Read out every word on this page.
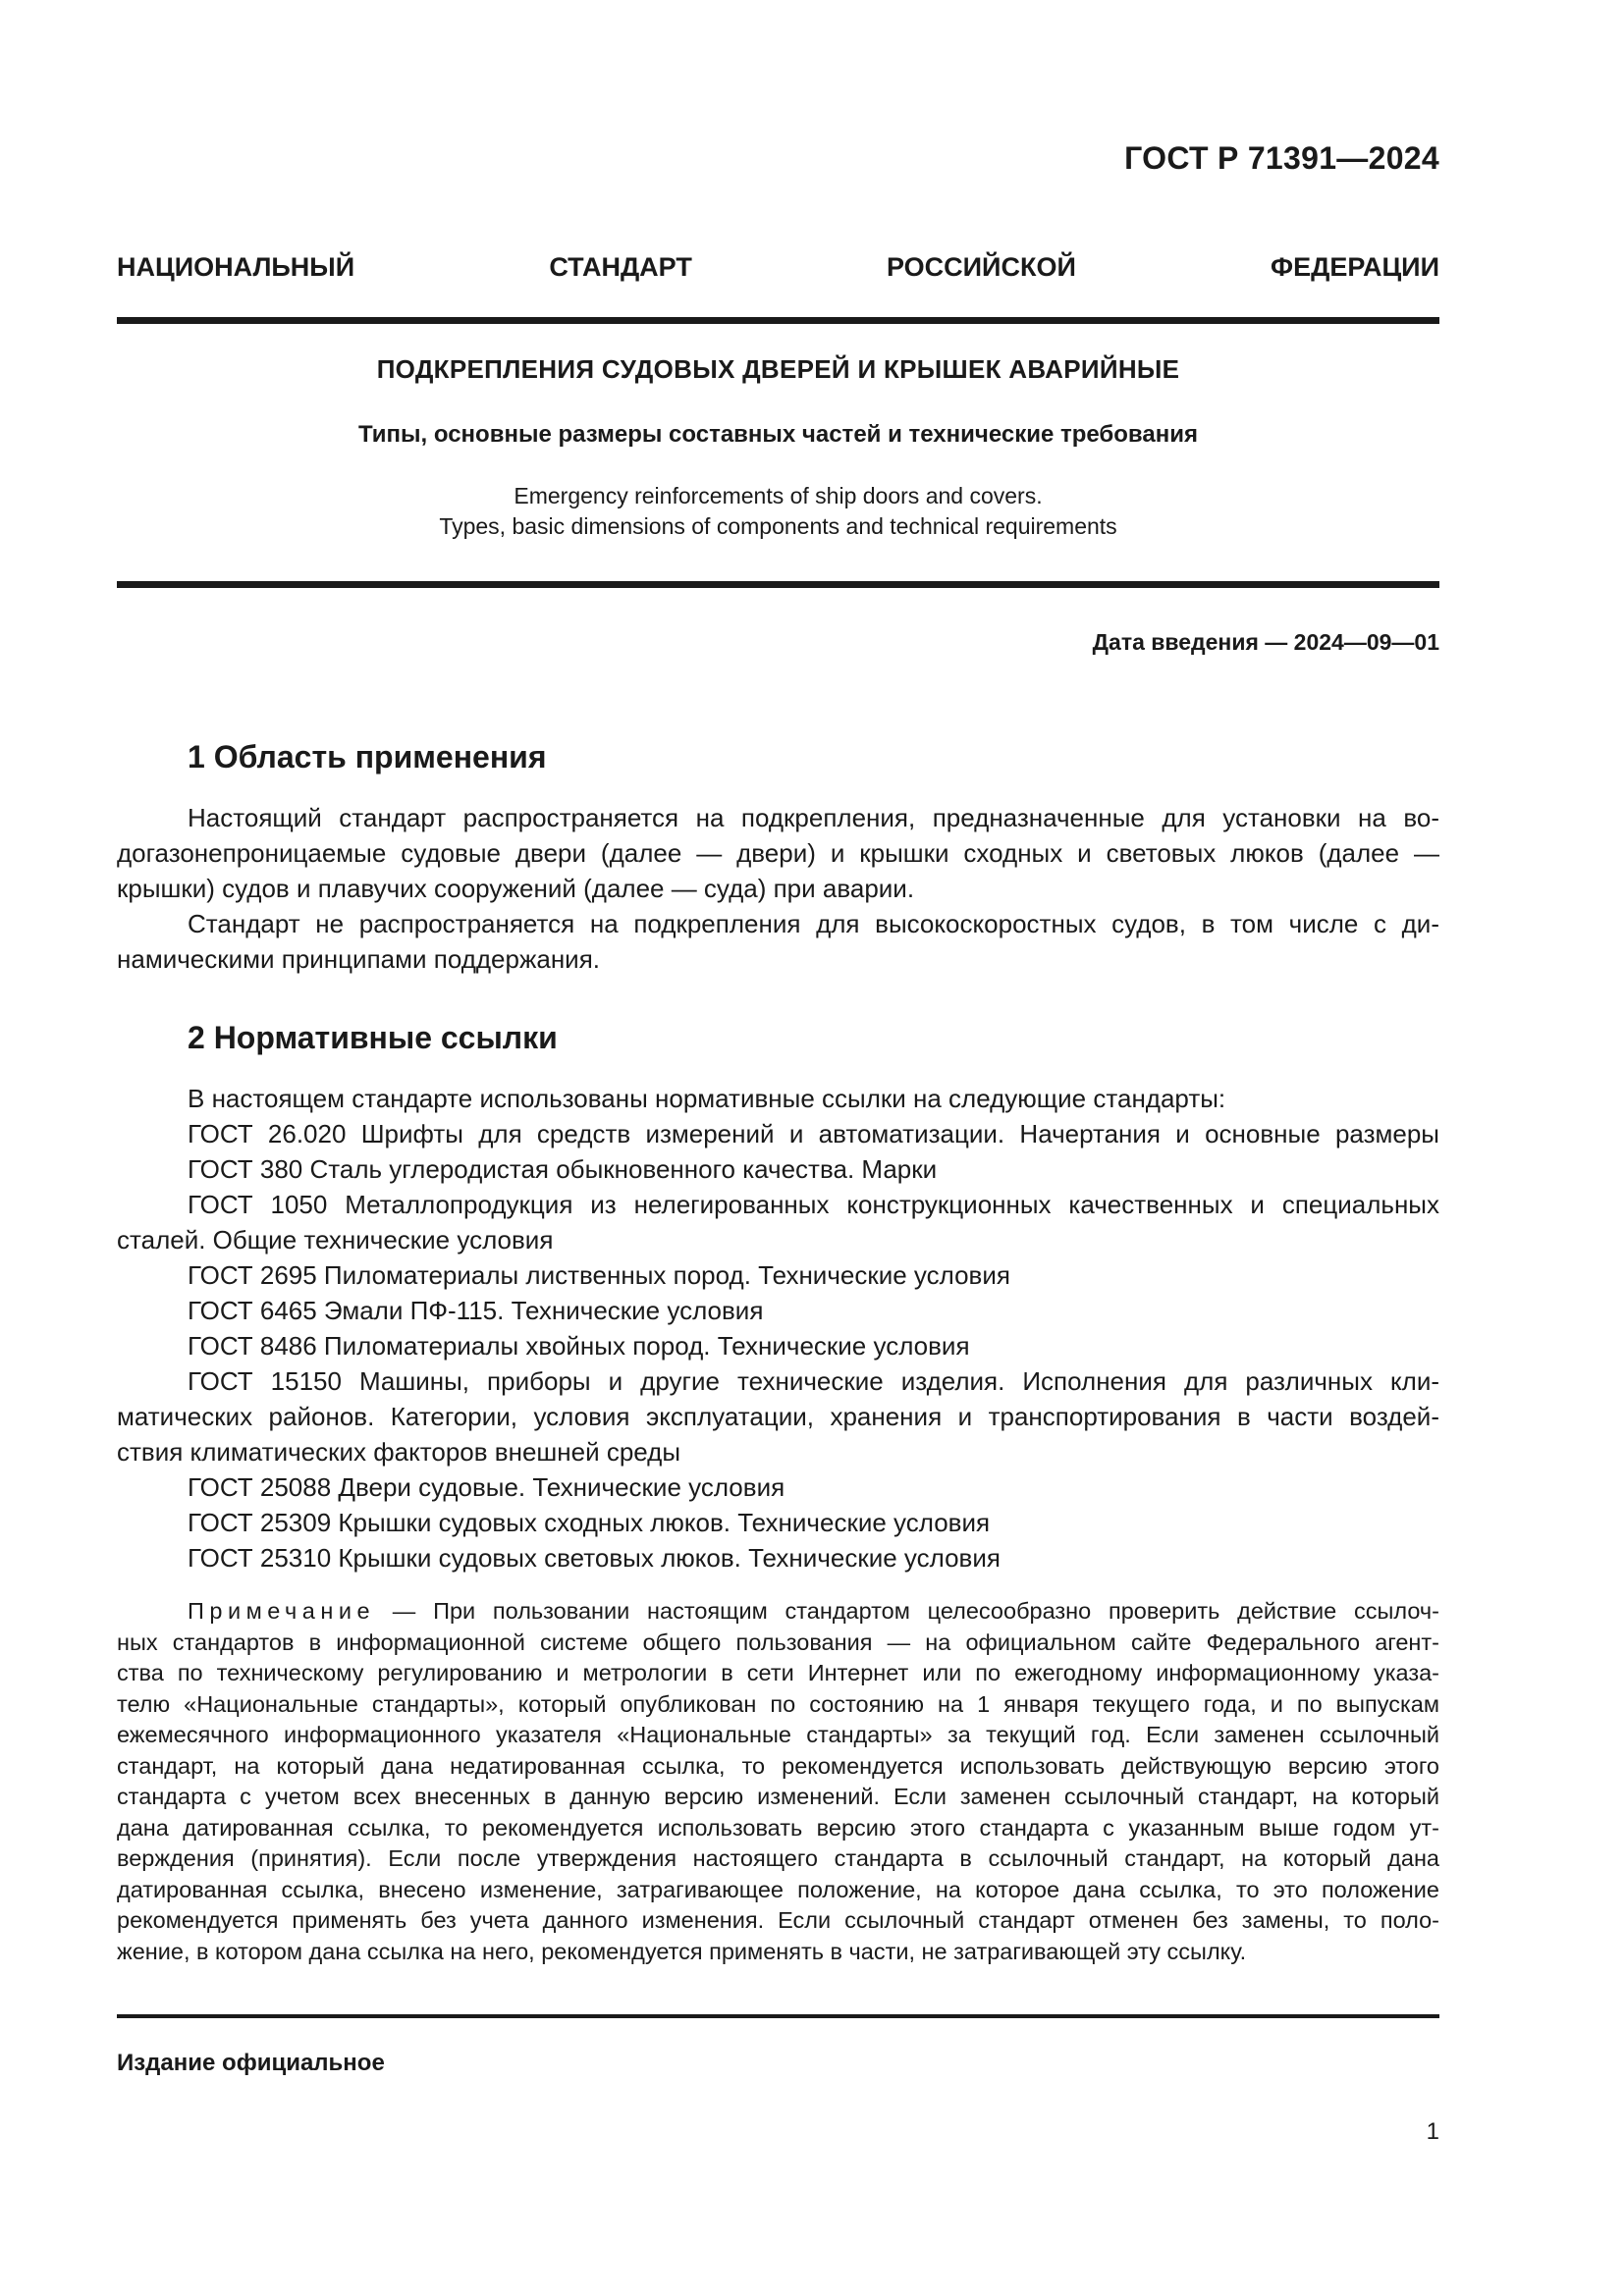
ГОСТ Р 71391—2024
НАЦИОНАЛЬНЫЙ	СТАНДАРТ	РОССИЙСКОЙ	ФЕДЕРАЦИИ
ПОДКРЕПЛЕНИЯ СУДОВЫХ ДВЕРЕЙ И КРЫШЕК АВАРИЙНЫЕ
Типы, основные размеры составных частей и технические требования
Emergency reinforcements of ship doors and covers.
Types, basic dimensions of components and technical requirements
Дата введения — 2024—09—01
1 Область применения
Настоящий стандарт распространяется на подкрепления, предназначенные для установки на во-
догазонепроницаемые судовые двери (далее — двери) и крышки сходных и световых люков (далее —
крышки) судов и плавучих сооружений (далее — суда) при аварии.
Стандарт не распространяется на подкрепления для высокоскоростных судов, в том числе с ди-
намическими принципами поддержания.
2 Нормативные ссылки
В настоящем стандарте использованы нормативные ссылки на следующие стандарты:
ГОСТ 26.020 Шрифты для средств измерений и автоматизации. Начертания и основные размеры
ГОСТ 380 Сталь углеродистая обыкновенного качества. Марки
ГОСТ 1050 Металлопродукция из нелегированных конструкционных качественных и специальных
сталей. Общие технические условия
ГОСТ 2695 Пиломатериалы лиственных пород. Технические условия
ГОСТ 6465 Эмали ПФ-115. Технические условия
ГОСТ 8486 Пиломатериалы хвойных пород. Технические условия
ГОСТ 15150 Машины, приборы и другие технические изделия. Исполнения для различных кли-
матических районов. Категории, условия эксплуатации, хранения и транспортирования в части воздей-
ствия климатических факторов внешней среды
ГОСТ 25088 Двери судовые. Технические условия
ГОСТ 25309 Крышки судовых сходных люков. Технические условия
ГОСТ 25310 Крышки судовых световых люков. Технические условия
Примечание — При пользовании настоящим стандартом целесообразно проверить действие ссылоч-
ных стандартов в информационной системе общего пользования — на официальном сайте Федерального агент-
ства по техническому регулированию и метрологии в сети Интернет или по ежегодному информационному указа-
телю «Национальные стандарты», который опубликован по состоянию на 1 января текущего года, и по выпускам
ежемесячного информационного указателя «Национальные стандарты» за текущий год. Если заменен ссылочный
стандарт, на который дана недатированная ссылка, то рекомендуется использовать действующую версию этого
стандарта с учетом всех внесенных в данную версию изменений. Если заменен ссылочный стандарт, на который
дана датированная ссылка, то рекомендуется использовать версию этого стандарта с указанным выше годом ут-
верждения (принятия). Если после утверждения настоящего стандарта в ссылочный стандарт, на который дана
датированная ссылка, внесено изменение, затрагивающее положение, на которое дана ссылка, то это положение
рекомендуется применять без учета данного изменения. Если ссылочный стандарт отменен без замены, то поло-
жение, в котором дана ссылка на него, рекомендуется применять в части, не затрагивающей эту ссылку.
Издание официальное
1
